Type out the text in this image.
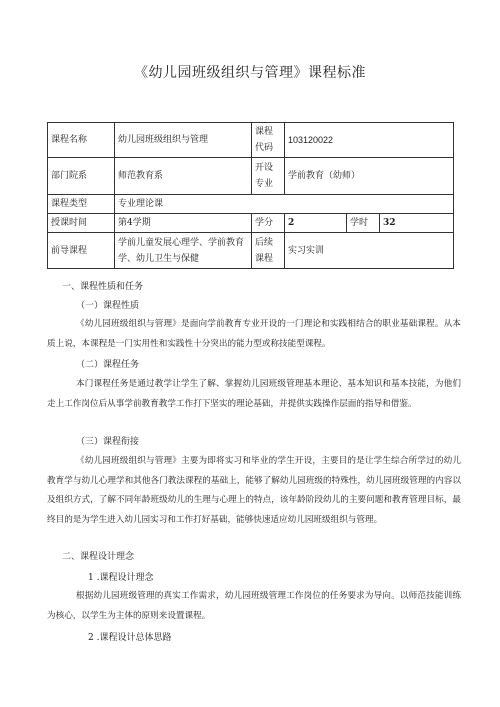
《幼儿园班级组织与管理》课程标准
课程名称	幼儿园班级组织与管理	课程代码	103120022		
部门院系	师范教育系	开设专业	学前教育（幼师）		
课程类型	专业理论课				
授课时间	第4学期	学分	2	学时	32
前导课程	学前儿童发展心理学、学前教育学、幼儿卫生与保健	后续课程	实习实训		
一、课程性质和任务
（一）课程性质
《幼儿园班级组织与管理》是面向学前教育专业开设的一门理论和实践相结合的职业基础课程。从本质上说，本课程是一门实用性和实践性十分突出的能力型或称技能型课程。
（二）课程任务
本门课程任务是通过教学让学生了解、掌握幼儿园班级管理基本理论、基本知识和基本技能，为他们走上工作岗位后从事学前教育教学工作打下坚实的理论基础，并提供实践操作层面的指导和借鉴。
（三）课程衔接
《幼儿园班级组织与管理》主要为即将实习和毕业的学生开设，主要目的是让学生综合所学过的幼儿教育学与幼儿心理学和其他各门教法课程的基础上，能够了解幼儿园班级的特殊性，幼儿园班级管理的内容以及组织方式，了解不同年龄班级幼儿的生理与心理上的特点，该年龄阶段幼儿的主要问题和教育管理目标，最终目的是为学生进入幼儿园实习和工作打好基础，能够快速适应幼儿园班级组织与管理。
二、课程设计理念
1 .课程设计理念
根据幼儿园班级管理的真实工作需求，幼儿园班级管理工作岗位的任务要求为导向。以师范技能训练为核心，以学生为主体的原则来设置课程。
2 .课程设计总体思路
